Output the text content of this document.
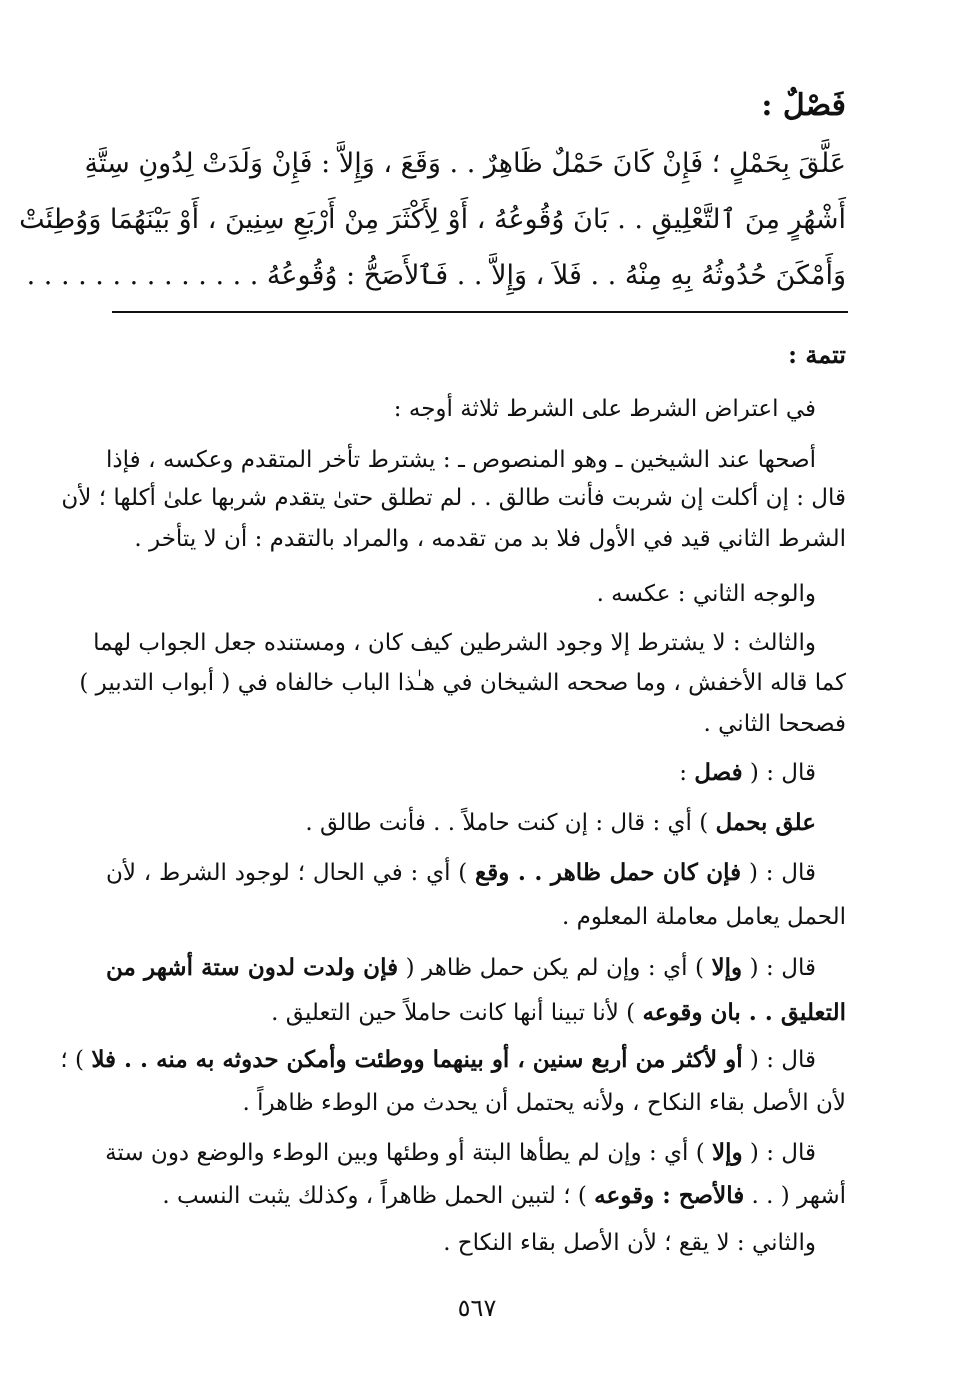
فَصْلٌ :
عَلَّقَ بِحَمْلٍ ؛ فَإِنْ كَانَ حَمْلٌ ظَاهِرٌ . . وَقَعَ ، وَإِلاَّ : فَإِنْ وَلَدَتْ لِدُونِ سِتَّةِ
أَشْهُرٍ مِنَ ٱلتَّعْلِيقِ . . بَانَ وُقُوعُهُ ، أَوْ لِأَكْثَرَ مِنْ أَرْبَعِ سِنِينَ ، أَوْ بَيْنَهُمَا وَوُطِئَتْ
وَأَمْكَنَ حُدُوثُهُ بِهِ مِنْهُ . . فَلاَ ، وَإِلاَّ . . فَٱلأَصَحُّ : وُقُوعُهُ . . . . . . . . . . . . . .
تتمة :
في اعتراض الشرط على الشرط ثلاثة أوجه :
أصحها عند الشيخين ـ وهو المنصوص ـ : يشترط تأخر المتقدم وعكسه ، فإذا
قال : إن أكلت إن شربت فأنت طالق . . لم تطلق حتىٰ يتقدم شربها علىٰ أكلها ؛ لأن
الشرط الثاني قيد في الأول فلا بد من تقدمه ، والمراد بالتقدم : أن لا يتأخر .
والوجه الثاني : عكسه .
والثالث : لا يشترط إلا وجود الشرطين كيف كان ، ومستنده جعل الجواب لهما
كما قاله الأخفش ، وما صححه الشيخان في هـٰذا الباب خالفاه في ( أبواب التدبير )
فصححا الثاني .
قال : ( فصل :
علق بحمل ) أي : قال : إن كنت حاملاً . . فأنت طالق .
قال : ( فإن كان حمل ظاهر . . وقع ) أي : في الحال ؛ لوجود الشرط ، لأن
الحمل يعامل معاملة المعلوم .
قال : ( وإلا ) أي : وإن لم يكن حمل ظاهر ( فإن ولدت لدون ستة أشهر من
التعليق . . بان وقوعه ) لأنا تبينا أنها كانت حاملاً حين التعليق .
قال : ( أو لأكثر من أربع سنين ، أو بينهما ووطئت وأمكن حدوثه به منه . . فلا ) ؛
لأن الأصل بقاء النكاح ، ولأنه يحتمل أن يحدث من الوطء ظاهراً .
قال : ( وإلا ) أي : وإن لم يطأها البتة أو وطئها وبين الوطء والوضع دون ستة
أشهر ( . . فالأصح : وقوعه ) ؛ لتبين الحمل ظاهراً ، وكذلك يثبت النسب .
والثاني : لا يقع ؛ لأن الأصل بقاء النكاح .
٥٦٧
